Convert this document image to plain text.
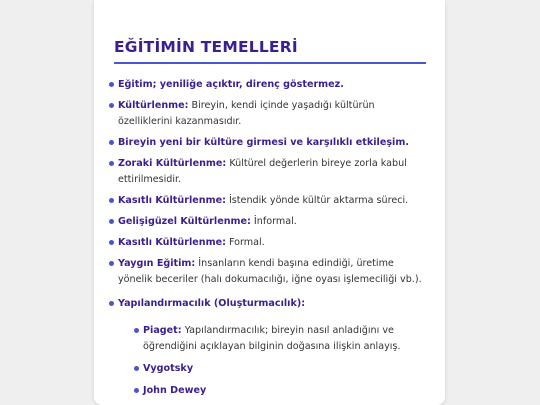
EĞİTİMİN TEMELLERİ
Eğitim; yeniliğe açıktır, direnç göstermez.
Kültürlenme: Bireyin, kendi içinde yaşadığı kültürün özelliklerini kazanmasıdır.
Bireyin yeni bir kültüre girmesi ve karşılıklı etkileşim.
Zoraki Kültürlenme: Kültürel değerlerin bireye zorla kabul ettirilmesidir.
Kasıtlı Kültürlenme: İstendik yönde kültür aktarma süreci.
Gelişigüzel Kültürlenme: İnformal.
Kasıtlı Kültürlenme: Formal.
Yaygın Eğitim: İnsanların kendi başına edindiği, üretime yönelik beceriler (halı dokumacılığı, iğne oyası işlemeciliği vb.).
Yapılandırmacılık (Oluşturmacılık):
Piaget: Yapılandırmacılık; bireyin nasıl anladığını ve öğrendiğini açıklayan bilginin doğasına ilişkin anlayış.
Vygotsky
John Dewey
